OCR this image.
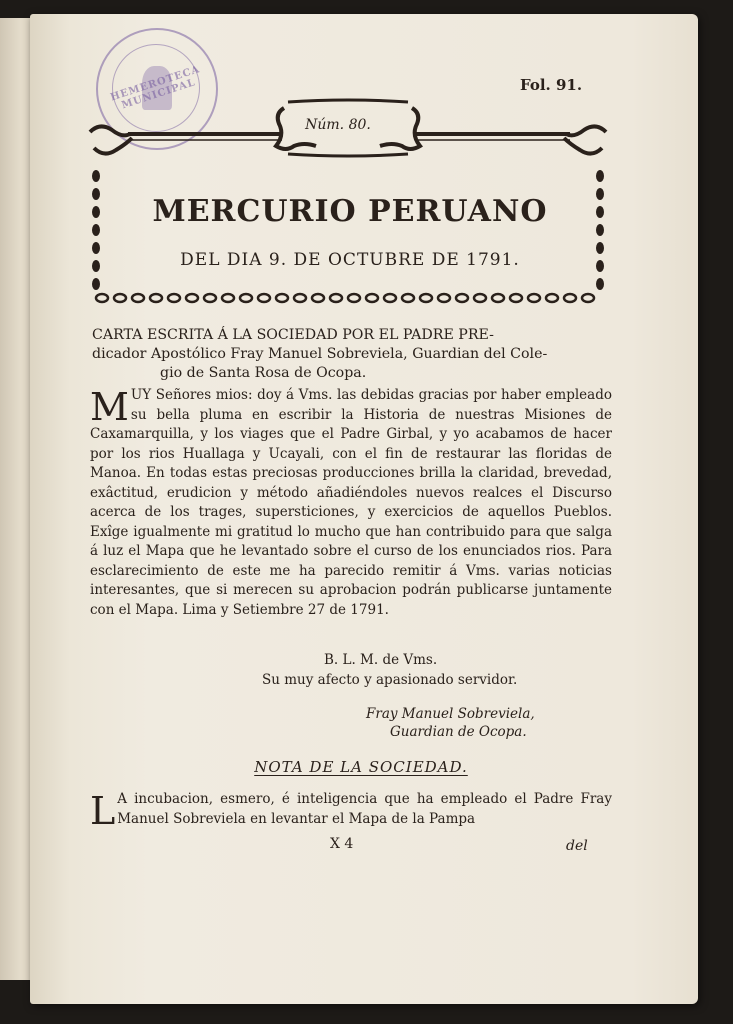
HEMEROTECA MUNICIPAL	Fol. 91.
Núm. 80.
MERCURIO PERUANO
DEL DIA 9. DE OCTUBRE DE 1791.
CARTA ESCRITA Á LA SOCIEDAD POR EL PADRE PRE-
dicador Apostólico Fray Manuel Sobreviela, Guardian del Cole-
gio de Santa Rosa de Ocopa.
M UY Señores mios: doy á Vms. las debidas gracias por haber empleado su bella pluma en escribir la Historia de nuestras Misiones de Caxamarquilla, y los viages que el Padre Girbal, y yo acabamos de hacer por los rios Huallaga y Ucayali, con el fin de restaurar las floridas de Manoa. En todas estas preciosas producciones brilla la claridad, brevedad, exâctitud, erudicion y método añadiéndoles nuevos realces el Discurso acerca de los trages, supersticiones, y exercicios de aquellos Pueblos. Exîge igualmente mi gratitud lo mucho que han contribuido para que salga á luz el Mapa que he levantado sobre el curso de los enunciados rios. Para esclarecimiento de este me ha parecido remitir á Vms. varias noticias interesantes, que si merecen su aprobacion podrán publicarse juntamente con el Mapa. Lima y Setiembre 27 de 1791.
B. L. M. de Vms.
Su muy afecto y apasionado servidor.
Fray Manuel Sobreviela,
Guardian de Ocopa.
NOTA DE LA SOCIEDAD.
L A incubacion, esmero, é inteligencia que ha empleado el Padre Fray Manuel Sobreviela en levantar el Mapa de la Pampa
X 4	del
